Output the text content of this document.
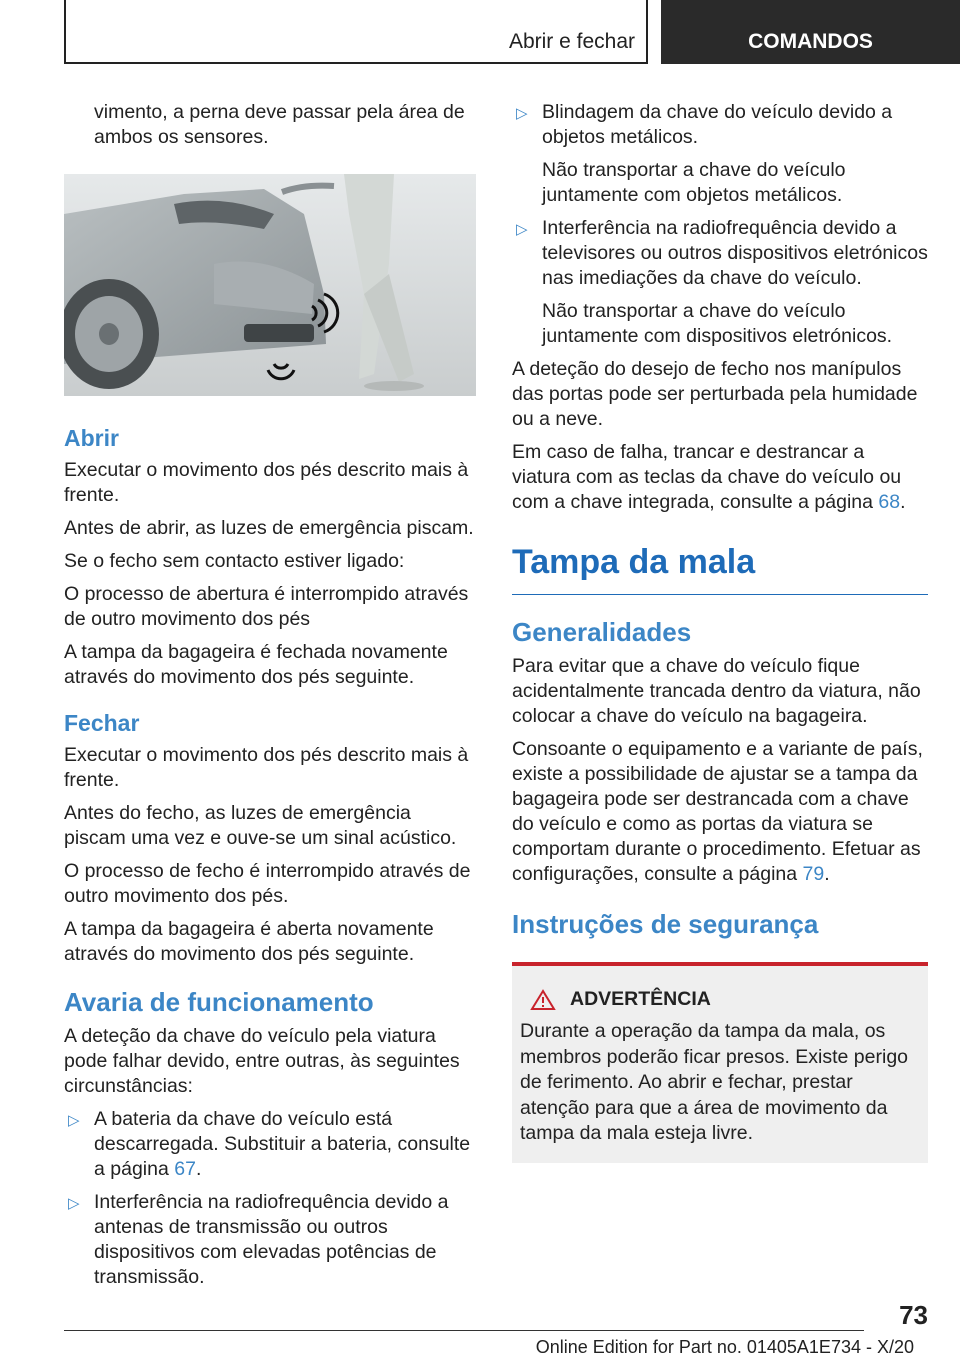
Abrir e fechar	COMANDOS

vimento, a perna deve passar pela área de ambos os sensores.

Abrir

Executar o movimento dos pés descrito mais à frente.

Antes de abrir, as luzes de emergência piscam.

Se o fecho sem contacto estiver ligado:

O processo de abertura é interrompido através de outro movimento dos pés

A tampa da bagageira é fechada novamente através do movimento dos pés seguinte.

Fechar

Executar o movimento dos pés descrito mais à frente.

Antes do fecho, as luzes de emergência piscam uma vez e ouve-se um sinal acústico.

O processo de fecho é interrompido através de outro movimento dos pés.

A tampa da bagageira é aberta novamente através do movimento dos pés seguinte.

Avaria de funcionamento

A deteção da chave do veículo pela viatura pode falhar devido, entre outras, às seguintes circunstâncias:

▷ A bateria da chave do veículo está descarregada. Substituir a bateria, consulte a página 67.
▷ Interferência na radiofrequência devido a antenas de transmissão ou outros dispositivos com elevadas potências de transmissão.
▷ Blindagem da chave do veículo devido a objetos metálicos.

Não transportar a chave do veículo juntamente com objetos metálicos.

▷ Interferência na radiofrequência devido a televisores ou outros dispositivos eletrónicos nas imediações da chave do veículo.

Não transportar a chave do veículo juntamente com dispositivos eletrónicos.

A deteção do desejo de fecho nos manípulos das portas pode ser perturbada pela humidade ou a neve.

Em caso de falha, trancar e destrancar a viatura com as teclas da chave do veículo ou com a chave integrada, consulte a página 68.

Tampa da mala
Generalidades

Para evitar que a chave do veículo fique acidentalmente trancada dentro da viatura, não colocar a chave do veículo na bagageira.

Consoante o equipamento e a variante de país, existe a possibilidade de ajustar se a tampa da bagageira pode ser destrancada com a chave do veículo e como as portas da viatura se comportam durante o procedimento. Efetuar as configurações, consulte a página 79.

Instruções de segurança
ADVERTÊNCIA

Durante a operação da tampa da mala, os membros poderão ficar presos. Existe perigo de ferimento. Ao abrir e fechar, prestar atenção para que a área de movimento da tampa da mala esteja livre.

73
Online Edition for Part no. 01405A1E734 - X/20
